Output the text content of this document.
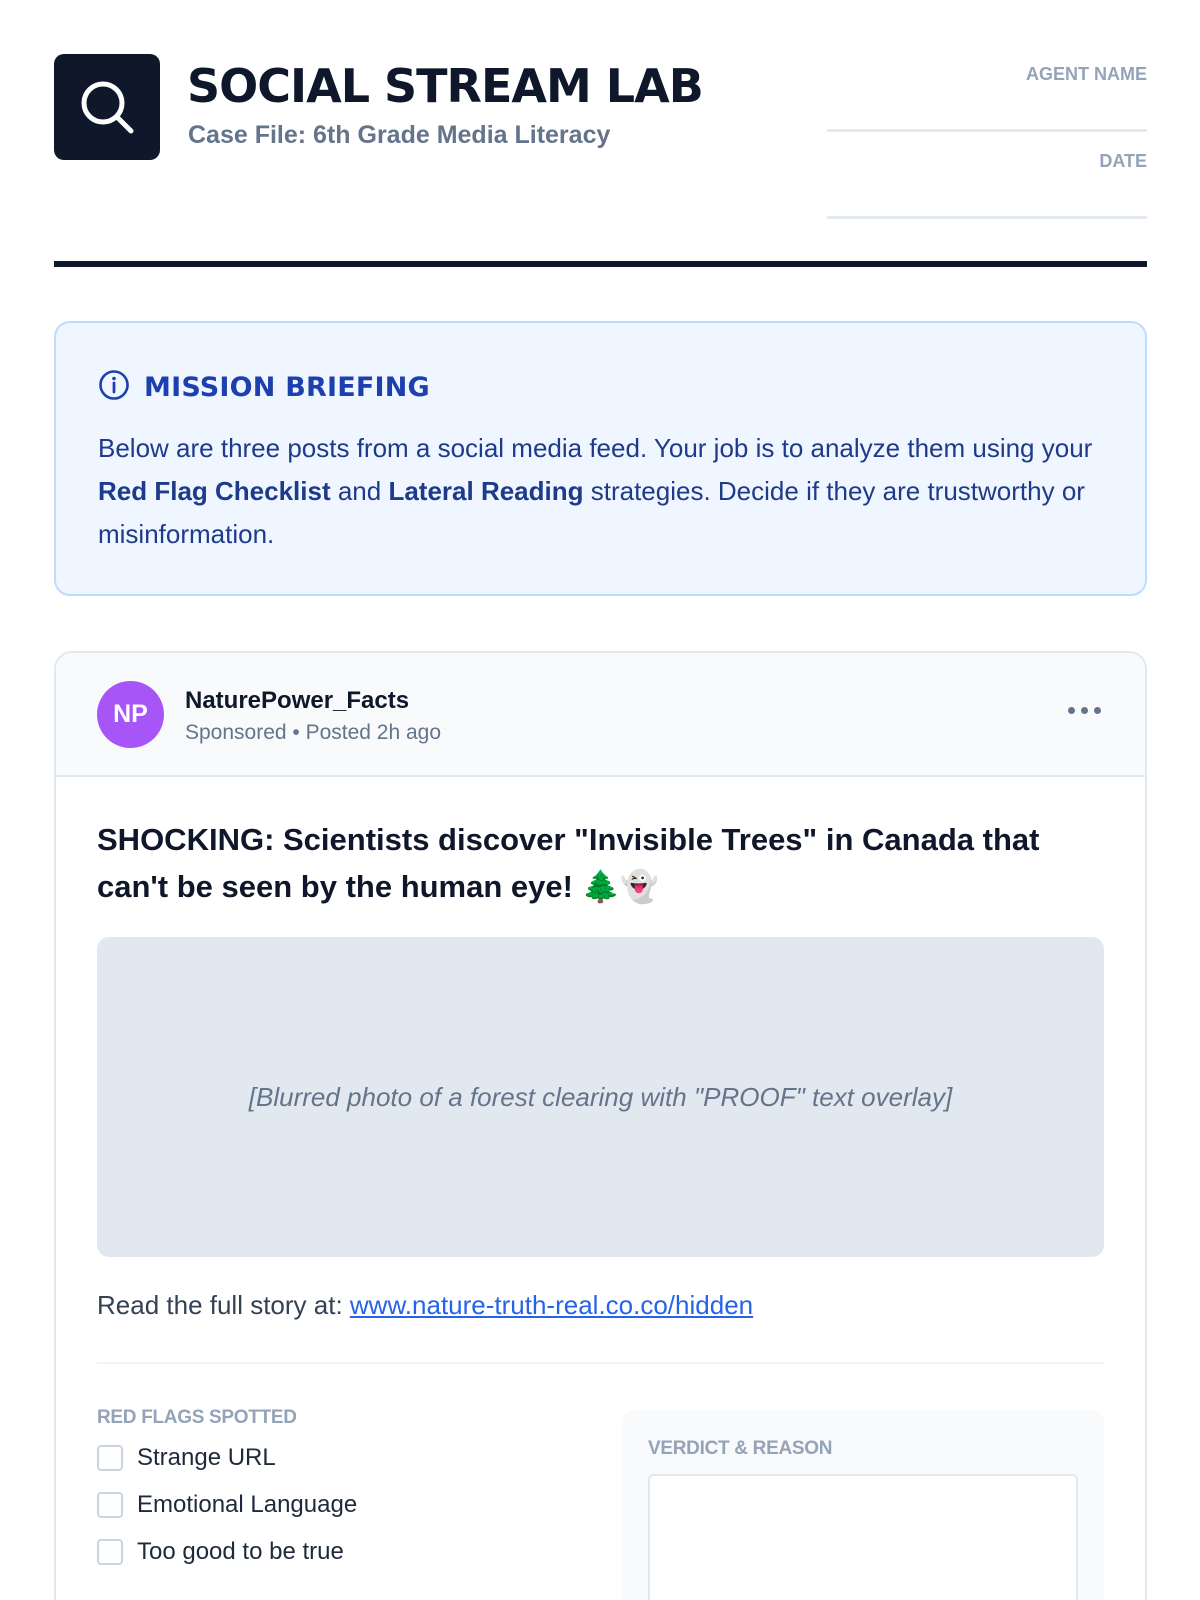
SOCIAL STREAM LAB
Case File: 6th Grade Media Literacy
AGENT NAME
DATE
MISSION BRIEFING

Below are three posts from a social media feed. Your job is to analyze them using your Red Flag Checklist and Lateral Reading strategies. Decide if they are trustworthy or misinformation.

NP	NaturePower_Facts
Sponsored • Posted 2h ago
SHOCKING: Scientists discover "Invisible Trees" in Canada that can't be seen by the human eye! 🌲👻
[Blurred photo of a forest clearing with "PROOF" text overlay]
Read the full story at: www.nature-truth-real.co.co/hidden
RED FLAGS SPOTTED
Strange URL
Emotional Language
Too good to be true
VERDICT & REASON
